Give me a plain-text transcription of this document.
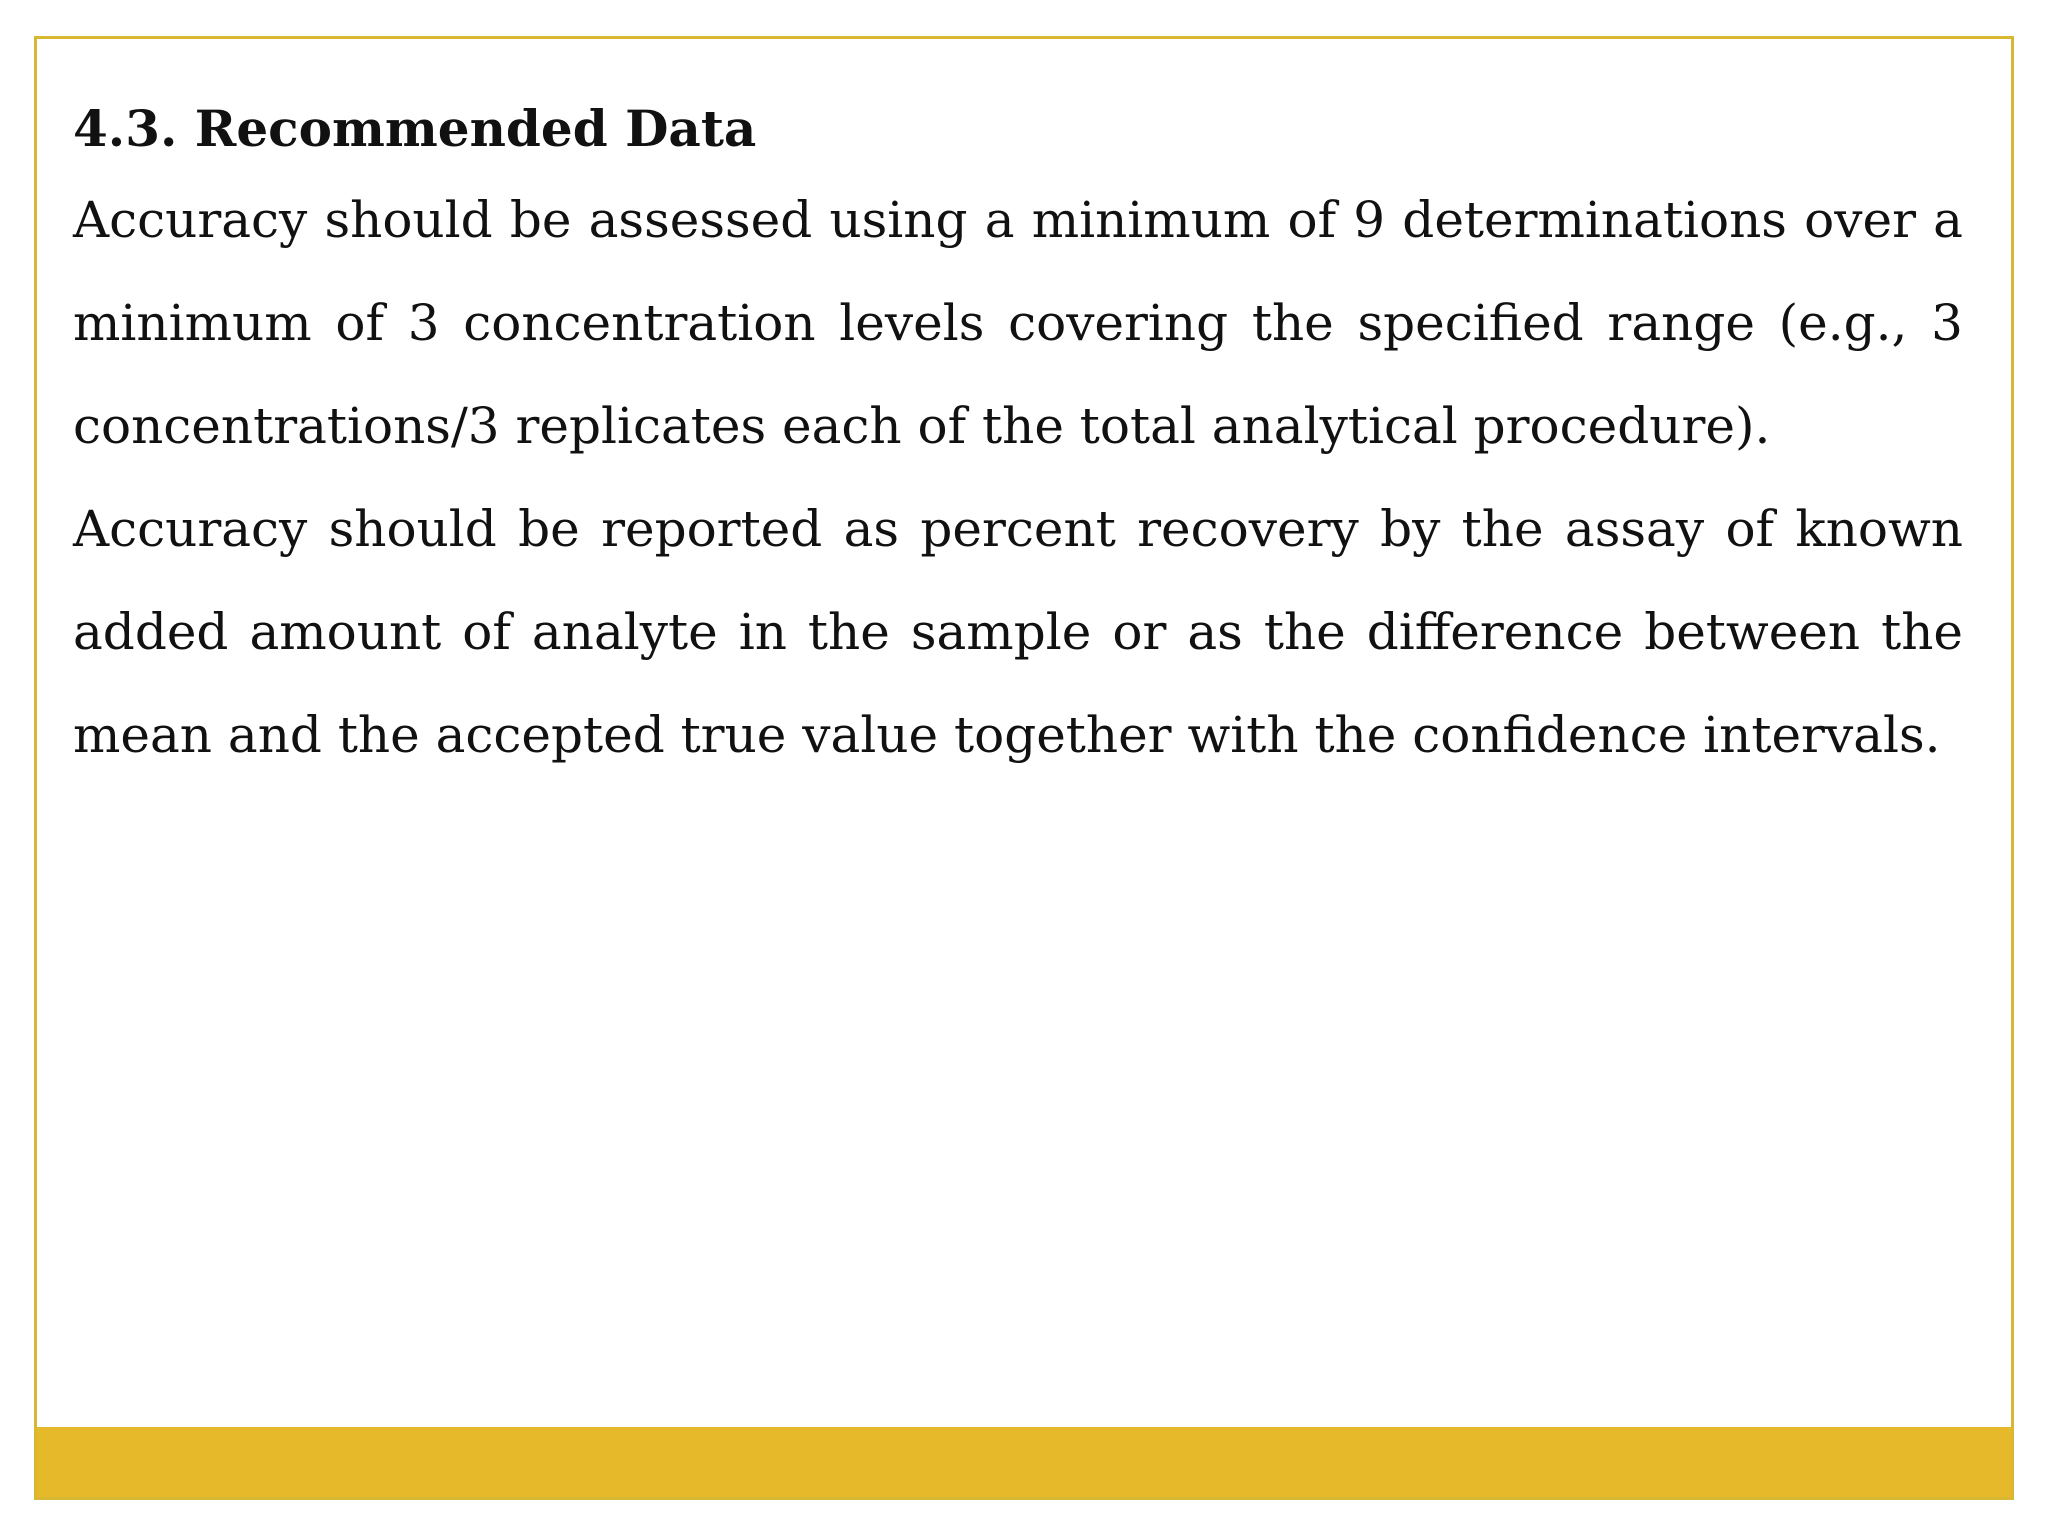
4.3. Recommended Data

Accuracy should be assessed using a minimum of 9 determinations over a minimum of 3 concentration levels covering the specified range (e.g., 3 concentrations/3 replicates each of the total analytical procedure).

Accuracy should be reported as percent recovery by the assay of known added amount of analyte in the sample or as the difference between the mean and the accepted true value together with the confidence intervals.
